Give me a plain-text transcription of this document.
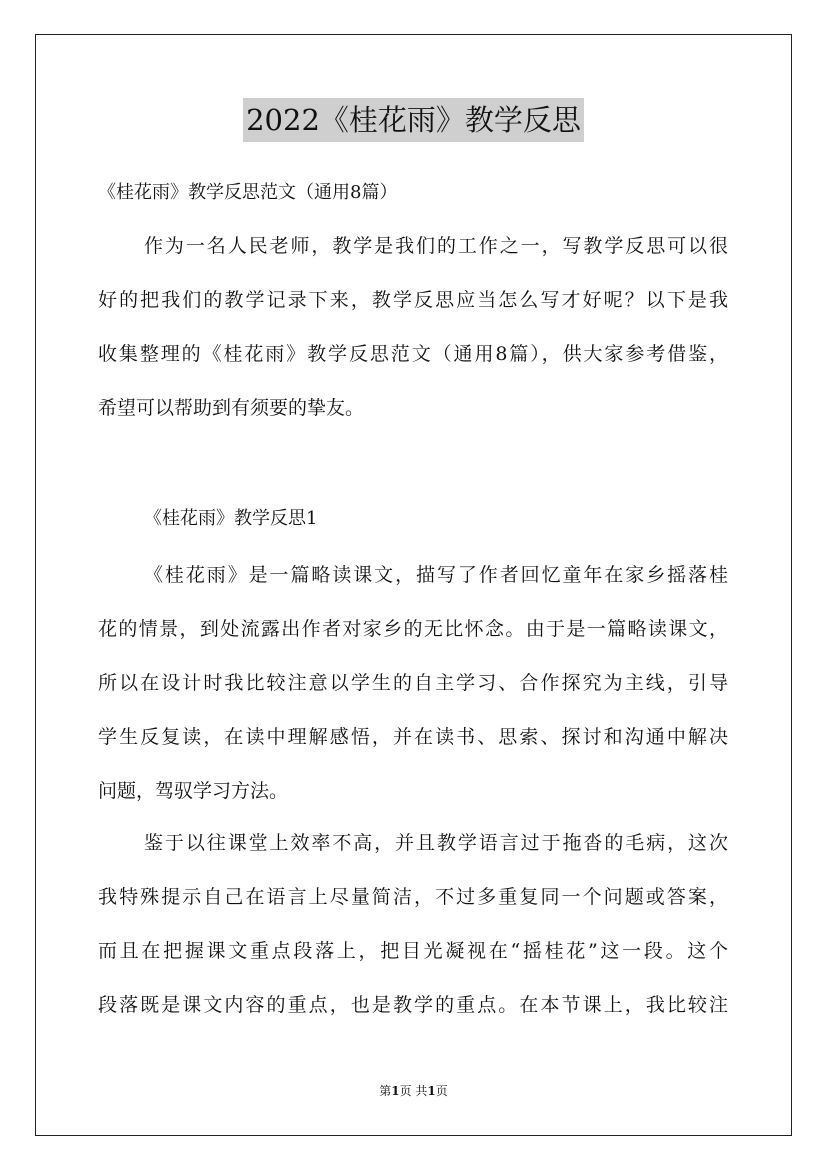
2022《桂花雨》教学反思
《桂花雨》教学反思范文（通用8篇）
作为一名人民老师，教学是我们的工作之一，写教学反思可以很
好的把我们的教学记录下来，教学反思应当怎么写才好呢？以下是我
收集整理的《桂花雨》教学反思范文（通用8篇），供大家参考借鉴，
希望可以帮助到有须要的挚友。
《桂花雨》教学反思1
《桂花雨》是一篇略读课文，描写了作者回忆童年在家乡摇落桂
花的情景，到处流露出作者对家乡的无比怀念。由于是一篇略读课文，
所以在设计时我比较注意以学生的自主学习、合作探究为主线，引导
学生反复读，在读中理解感悟，并在读书、思索、探讨和沟通中解决
问题，驾驭学习方法。
鉴于以往课堂上效率不高，并且教学语言过于拖沓的毛病，这次
我特殊提示自己在语言上尽量简洁，不过多重复同一个问题或答案，
而且在把握课文重点段落上，把目光凝视在“摇桂花”这一段。这个
段落既是课文内容的重点，也是教学的重点。在本节课上，我比较注
第1页 共1页
